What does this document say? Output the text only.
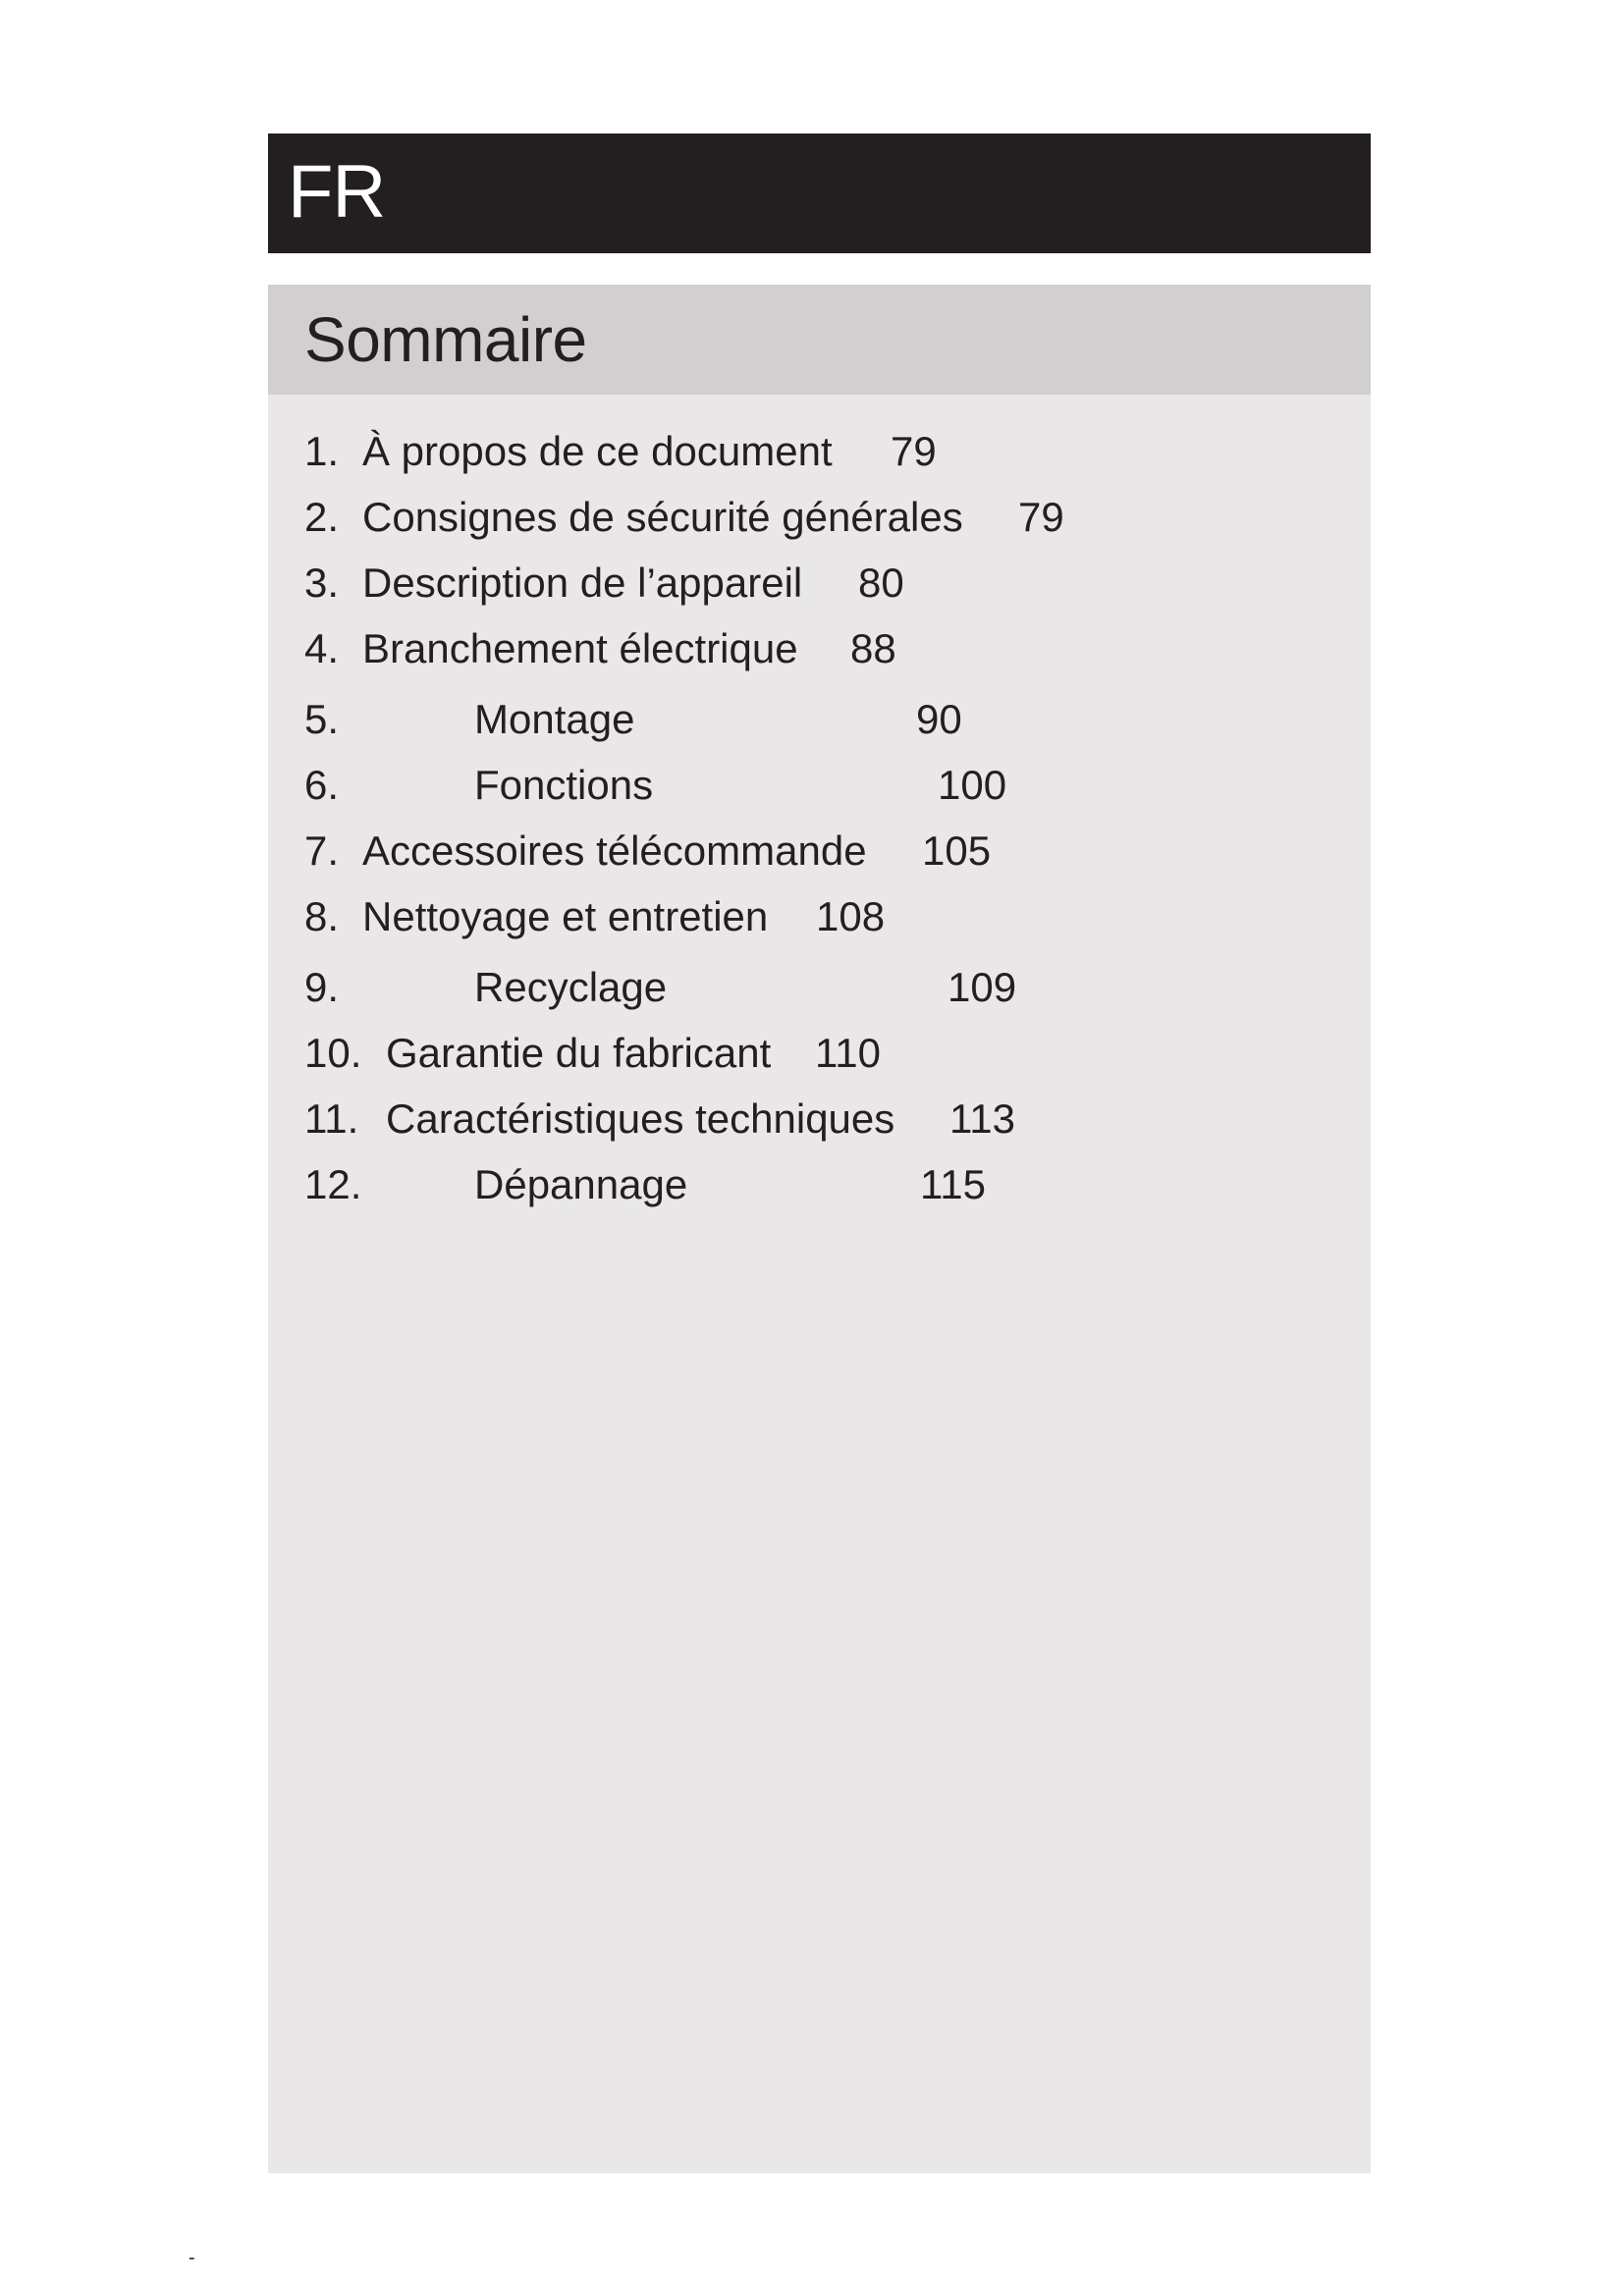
FR
Sommaire
1. À propos de ce document 79
2. Consignes de sécurité générales 79
3. Description de l’appareil 80
4. Branchement électrique 88
5.	Montage	90
6.	Fonctions	100
7. Accessoires télécommande 105
8. Nettoyage et entretien 108
9.	Recyclage	109
10. Garantie du fabricant 110
11. Caractéristiques techniques 113
12.	Dépannage	115
-
